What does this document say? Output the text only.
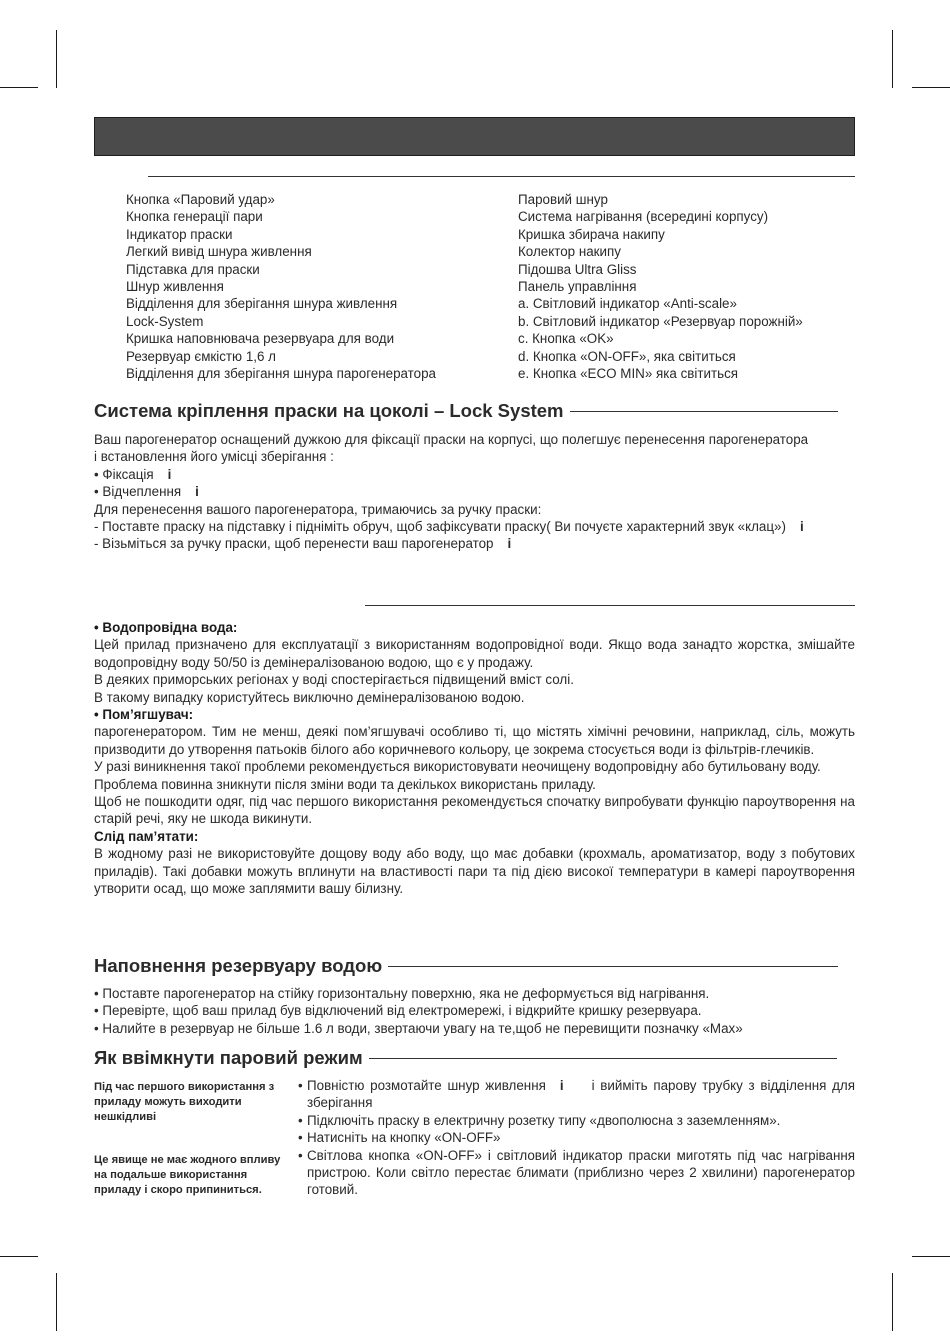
Кнопка «Паровий удар»
Кнопка генерації пари
Індикатор праски
Легкий вивід шнура живлення
Підставка для праски
Шнур живлення
Відділення для зберігання шнура живлення
Lock-System
Кришка наповнювача резервуара для води
Резервуар ємкістю 1,6 л
Відділення для зберігання шнура парогенератора
Паровий шнур
Система нагрівання (всередині корпусу)
Кришка збирача накипу
Колектор накипу
Підошва Ultra Gliss
Панель управління
a. Світловий індикатор «Anti-scale»
b. Світловий індикатор «Резервуар порожній»
c. Кнопка «OK»
d. Кнопка «ON-OFF», яка світиться
e. Кнопка «ECO MIN» яка світиться
Система кріплення праски на цоколі – Lock System

Ваш парогенератор оснащений дужкою для фіксації праски на корпусі, що полегшує перенесення парогенератора

і встановлення його умісці зберігання :

• Фіксація i

• Відчеплення i

Для перенесення вашого парогенератора, тримаючись за ручку праски:

- Поставте праску на підставку і підніміть обруч, щоб зафіксувати праску( Ви почуєте характерний звук «клац») i

- Візьміться за ручку праски, щоб перенести ваш парогенератор i

• Водопровідна вода:

Цей прилад призначено для експлуатації з використанням водопровідної води. Якщо вода занадто жорстка, змішайте водопровідну воду 50/50 із демінералізованою водою, що є у продажу.

В деяких приморських регіонах у воді спостерігається підвищений вміст солі.

В такому випадку користуйтесь виключно демінералізованою водою.

• Пом’ягшувач:

парогенератором. Тим не менш, деякі пом’ягшувачі особливо ті, що містять хімічні речовини, наприклад, сіль, можуть призводити до утворення патьоків білого або коричневого кольору, це зокрема стосується води із фільтрів-глечиків.

У разі виникнення такої проблеми рекомендується використовувати неочищену водопровідну або бутильовану воду.

Проблема повинна зникнути після зміни води та декількох використань приладу.

Щоб не пошкодити одяг, під час першого використання рекомендується спочатку випробувати функцію пароутворення на старій речі, яку не шкода викинути.

Слід пам’ятати:

В жодному разі не використовуйте дощову воду або воду, що має добавки (крохмаль, ароматизатор, воду з побутових приладів). Такі добавки можуть вплинути на властивості пари та під дією високої температури в камері пароутворення утворити осад, що може заплямити вашу білизну.

Наповнення резервуару водою

• Поставте парогенератор на стійку горизонтальну поверхню, яка не деформується від нагрівання.

• Перевірте, щоб ваш прилад був відключений від електромережі, і відкрийте кришку резервуара.

• Налийте в резервуар не більше 1.6 л води, звертаючи увагу на те,щоб не перевищити позначку «Max»

Як ввімкнути паровий режим
Під час першого використання з приладу можуть виходити нешкідливі
Це явище не має жодного впливу на подальше використання приладу і скоро припиниться.
• Повністю розмотайте шнур живлення i і вийміть парову трубку з відділення для зберігання
• Підключіть праску в електричну розетку типу «двополюсна з заземленням».
• Натисніть на кнопку «ON-OFF»
• Світлова кнопка «ON-OFF» і світловий індикатор праски миготять під час нагрівання пристрою. Коли світло перестає блимати (приблизно через 2 хвилини) парогенератор готовий.
